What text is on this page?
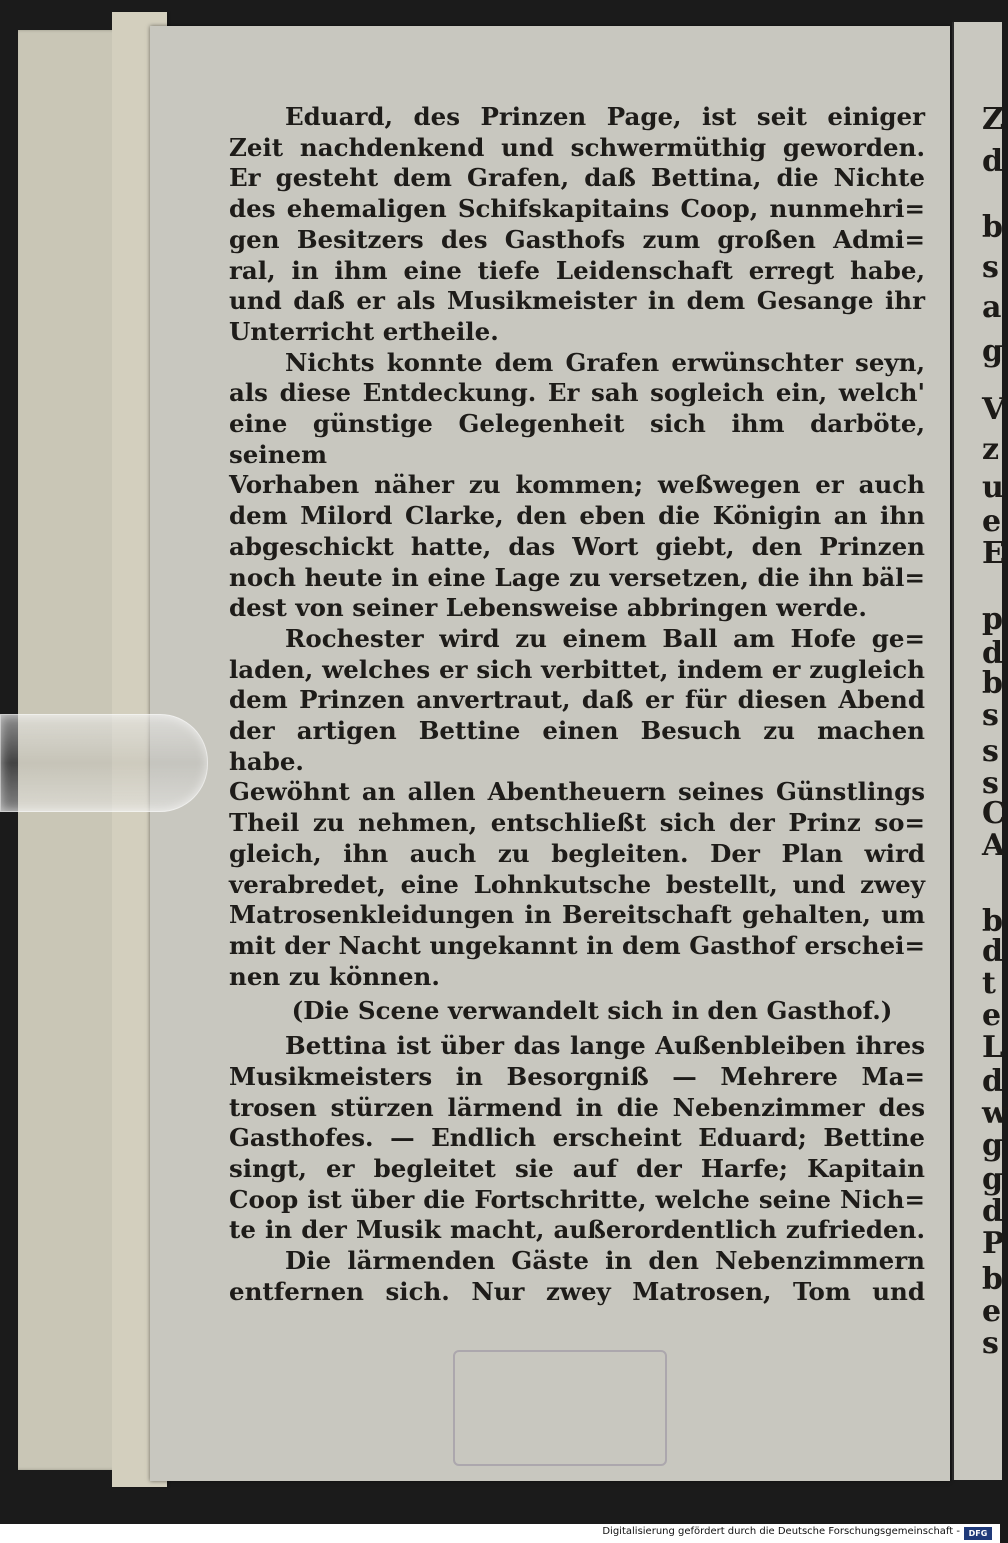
Z
d
b
s
a
g
V
z
u
e
E
p
d
b
s
s
s
C
A
b
d
t
e
L
d
w
g
g
d
P
b
e
s

Eduard, des Prinzen Page, ist seit einiger

Zeit nachdenkend und schwermüthig geworden.

Er gesteht dem Grafen, daß Bettina, die Nichte

des ehemaligen Schifskapitains Coop, nunmehri=

gen Besitzers des Gasthofs zum großen Admi=

ral, in ihm eine tiefe Leidenschaft erregt habe,

und daß er als Musikmeister in dem Gesange ihr

Unterricht ertheile.

Nichts konnte dem Grafen erwünschter seyn,

als diese Entdeckung. Er sah sogleich ein, welch'

eine günstige Gelegenheit sich ihm darböte, seinem

Vorhaben näher zu kommen; weßwegen er auch

dem Milord Clarke, den eben die Königin an ihn

abgeschickt hatte, das Wort giebt, den Prinzen

noch heute in eine Lage zu versetzen, die ihn bäl=

dest von seiner Lebensweise abbringen werde.

Rochester wird zu einem Ball am Hofe ge=

laden, welches er sich verbittet, indem er zugleich

dem Prinzen anvertraut, daß er für diesen Abend

der artigen Bettine einen Besuch zu machen habe.

Gewöhnt an allen Abentheuern seines Günstlings

Theil zu nehmen, entschließt sich der Prinz so=

gleich, ihn auch zu begleiten. Der Plan wird

verabredet, eine Lohnkutsche bestellt, und zwey

Matrosenkleidungen in Bereitschaft gehalten, um

mit der Nacht ungekannt in dem Gasthof erschei=

nen zu können.

(Die Scene verwandelt sich in den Gasthof.)

Bettina ist über das lange Außenbleiben ihres

Musikmeisters in Besorgniß — Mehrere Ma=

trosen stürzen lärmend in die Nebenzimmer des

Gasthofes. — Endlich erscheint Eduard; Bettine

singt, er begleitet sie auf der Harfe; Kapitain

Coop ist über die Fortschritte, welche seine Nich=

te in der Musik macht, außerordentlich zufrieden.

Die lärmenden Gäste in den Nebenzimmern

entfernen sich. Nur zwey Matrosen, Tom und

Digitalisierung gefördert durch die Deutsche Forschungsgemeinschaft -	DFG
